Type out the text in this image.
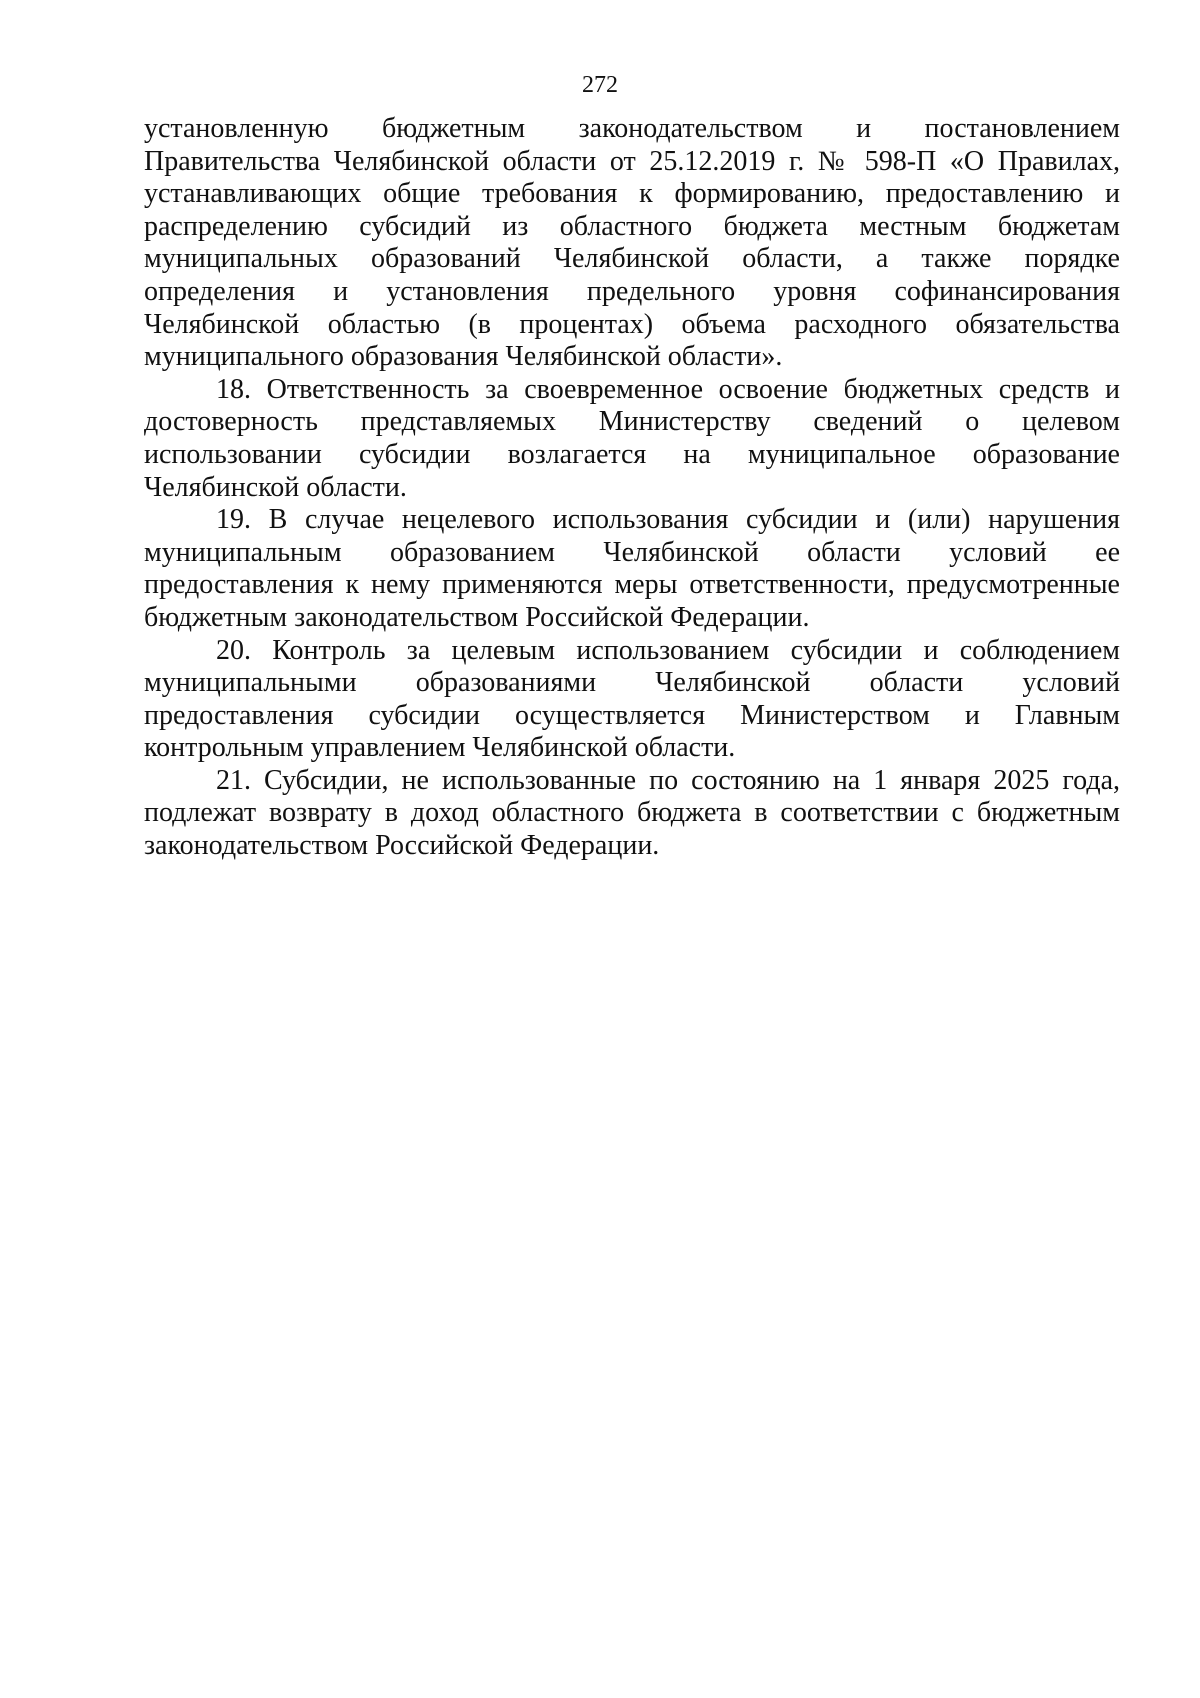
272
установленную бюджетным законодательством и постановлением
Правительства Челябинской области от 25.12.2019 г. № 598-П «О Правилах,
устанавливающих общие требования к формированию, предоставлению и
распределению субсидий из областного бюджета местным бюджетам
муниципальных образований Челябинской области, а также порядке
определения и установления предельного уровня софинансирования
Челябинской областью (в процентах) объема расходного обязательства
муниципального образования Челябинской области».
18. Ответственность за своевременное освоение бюджетных средств и
достоверность представляемых Министерству сведений о целевом
использовании субсидии возлагается на муниципальное образование
Челябинской области.
19. В случае нецелевого использования субсидии и (или) нарушения
муниципальным образованием Челябинской области условий ее
предоставления к нему применяются меры ответственности, предусмотренные
бюджетным законодательством Российской Федерации.
20. Контроль за целевым использованием субсидии и соблюдением
муниципальными образованиями Челябинской области условий
предоставления субсидии осуществляется Министерством и Главным
контрольным управлением Челябинской области.
21. Субсидии, не использованные по состоянию на 1 января 2025 года,
подлежат возврату в доход областного бюджета в соответствии с бюджетным
законодательством Российской Федерации.
